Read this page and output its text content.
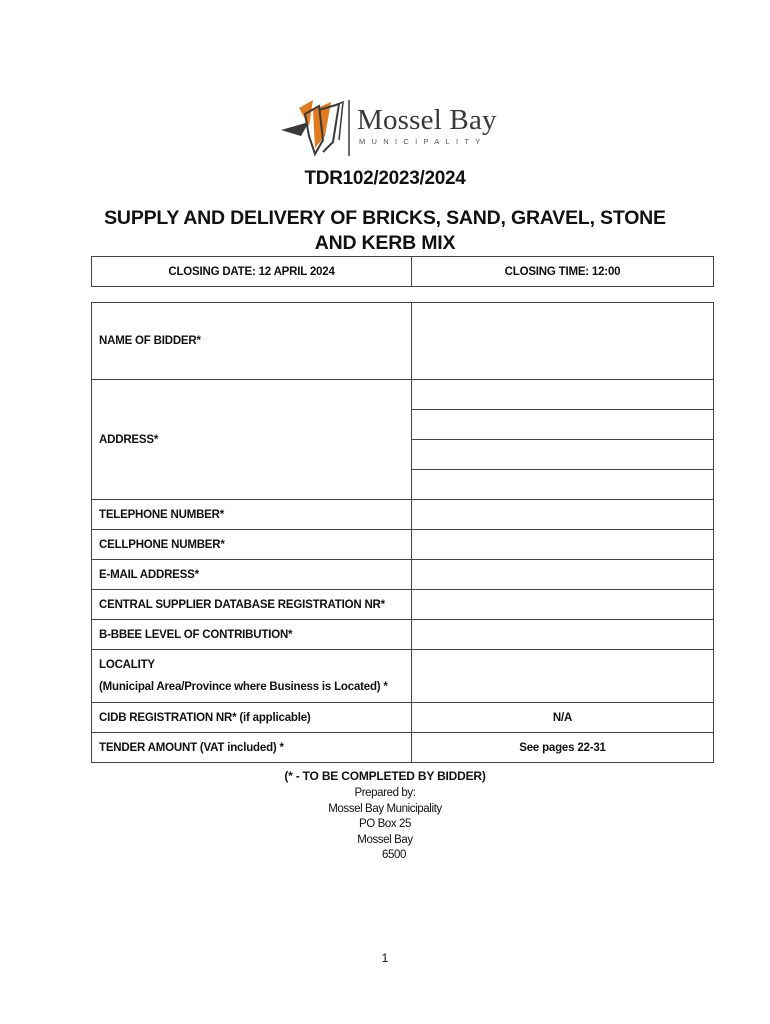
Mossel Bay
MUNICIPALITY
TDR102/2023/2024
SUPPLY AND DELIVERY OF BRICKS, SAND, GRAVEL, STONE AND KERB MIX
CLOSING DATE: 12 APRIL 2024	CLOSING TIME: 12:00
NAME OF BIDDER*	
ADDRESS*	

TELEPHONE NUMBER*	
CELLPHONE NUMBER*	
E-MAIL ADDRESS*	
CENTRAL SUPPLIER DATABASE REGISTRATION NR*	
B-BBEE LEVEL OF CONTRIBUTION*	

LOCALITY
(Municipal Area/Province where Business is Located) *	

CIDB REGISTRATION NR* (if applicable)	N/A
TENDER AMOUNT (VAT included) *	See pages 22-31
(* - TO BE COMPLETED BY BIDDER)
Prepared by:
Mossel Bay Municipality
PO Box 25
Mossel Bay
6500
1
